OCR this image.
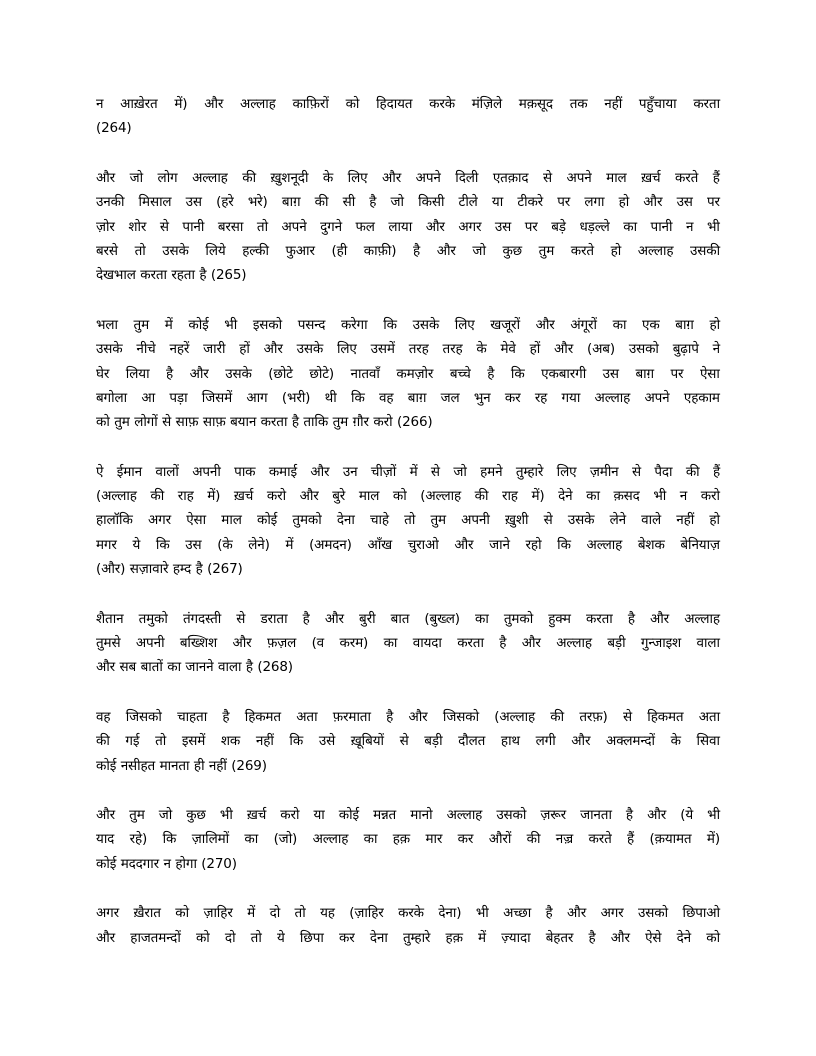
न आख़ेरत में) और अल्लाह काफ़िरों को हिदायत करके मंज़िले मक़सूद तक नहीं पहुँचाया करता
(264)
और जो लोग अल्लाह की ख़ुशनूदी के लिए और अपने दिली एतक़ाद से अपने माल ख़र्च करते हैं
उनकी मिसाल उस (हरे भरे) बाग़ की सी है जो किसी टीले या टीकरे पर लगा हो और उस पर
ज़ोर शोर से पानी बरसा तो अपने दुगने फल लाया और अगर उस पर बड़े धड़ल्ले का पानी न भी
बरसे तो उसके लिये हल्की फुआर (ही काफ़ी) है और जो कुछ तुम करते हो अल्लाह उसकी
देखभाल करता रहता है (265)
भला तुम में कोई भी इसको पसन्द करेगा कि उसके लिए खजूरों और अंगूरों का एक बाग़ हो
उसके नीचे नहरें जारी हों और उसके लिए उसमें तरह तरह के मेवे हों और (अब) उसको बुढ़ापे ने
घेर लिया है और उसके (छोटे छोटे) नातवॉं कमज़ोर बच्चे है कि एकबारगी उस बाग़ पर ऐसा
बगोला आ पड़ा जिसमें आग (भरी) थी कि वह बाग़ जल भुन कर रह गया अल्लाह अपने एहकाम
को तुम लोगों से साफ़ साफ़ बयान करता है ताकि तुम ग़ौर करो (266)
ऐ ईमान वालों अपनी पाक कमाई और उन चीज़ों में से जो हमने तुम्हारे लिए ज़मीन से पैदा की हैं
(अल्लाह की राह में) ख़र्च करो और बुरे माल को (अल्लाह की राह में) देने का क़सद भी न करो
हालॉकि अगर ऐसा माल कोई तुमको देना चाहे तो तुम अपनी ख़ुशी से उसके लेने वाले नहीं हो
मगर ये कि उस (के लेने) में (अमदन) ऑंख चुराओ और जाने रहो कि अल्लाह बेशक बेनियाज़
(और) सज़ावारे हम्द है (267)
शैतान तमुको तंगदस्ती से डराता है और बुरी बात (बुख्ल) का तुमको हुक्म करता है और अल्लाह
तुमसे अपनी बख्शिश और फ़ज़ल (व करम) का वायदा करता है और अल्लाह बड़ी गुन्जाइश वाला
और सब बातों का जानने वाला है (268)
वह जिसको चाहता है हिकमत अता फ़रमाता है और जिसको (अल्लाह की तरफ़) से हिकमत अता
की गई तो इसमें शक नहीं कि उसे ख़ूबियों से बड़ी दौलत हाथ लगी और अक्लमन्दों के सिवा
कोई नसीहत मानता ही नहीं (269)
और तुम जो कुछ भी ख़र्च करो या कोई मन्नत मानो अल्लाह उसको ज़रूर जानता है और (ये भी
याद रहे) कि ज़ालिमों का (जो) अल्लाह का हक़ मार कर औरों की नज़्र करते हैं (क़यामत में)
कोई मददगार न होगा (270)
अगर ख़ैरात को ज़ाहिर में दो तो यह (ज़ाहिर करके देना) भी अच्छा है और अगर उसको छिपाओ
और हाजतमन्दों को दो तो ये छिपा कर देना तुम्हारे हक़ में ज़्यादा बेहतर है और ऐसे देने को
